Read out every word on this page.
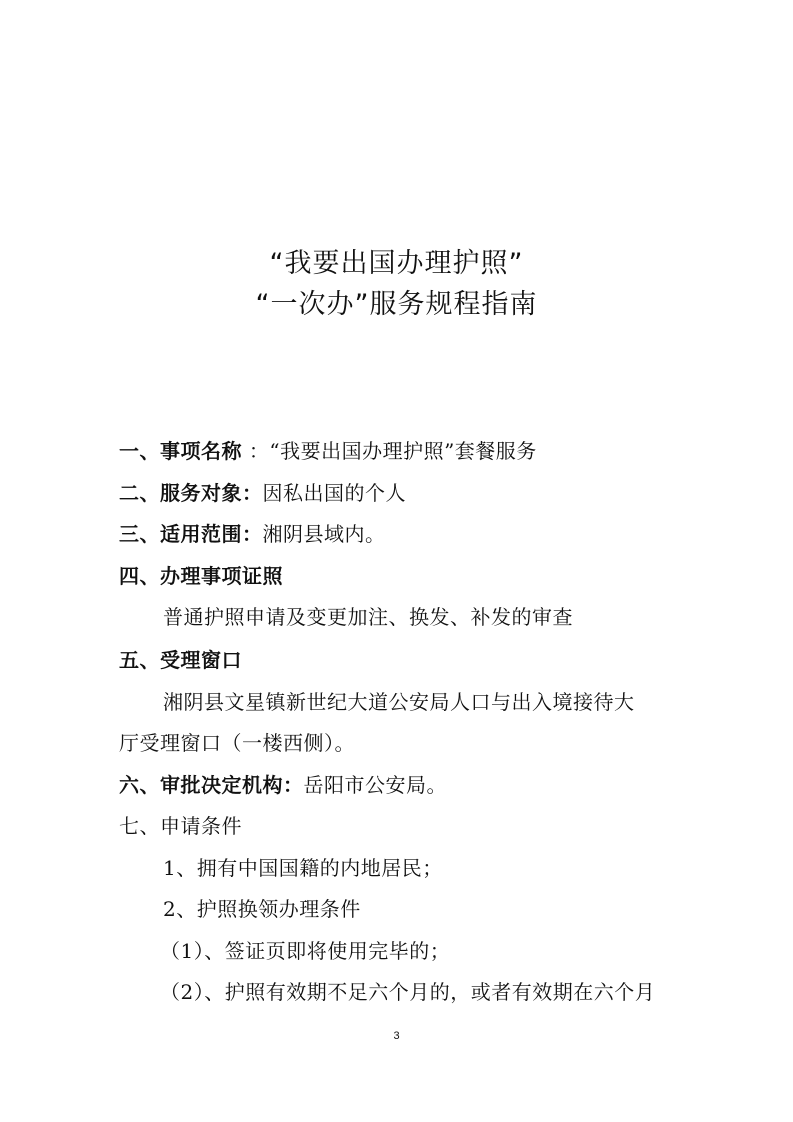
“我要出国办理护照”
“一次办”服务规程指南
一、事项名称 ：“我要出国办理护照”套餐服务
二、服务对象：因私出国的个人
三、适用范围：湘阴县域内。
四、办理事项证照
普通护照申请及变更加注、换发、补发的审查
五、受理窗口
湘阴县文星镇新世纪大道公安局人口与出入境接待大
厅受理窗口（一楼西侧）。
六、审批决定机构：岳阳市公安局。
七、申请条件
1、拥有中国国籍的内地居民；
2、护照换领办理条件
（1）、签证页即将使用完毕的；
（2）、护照有效期不足六个月的，或者有效期在六个月
3
